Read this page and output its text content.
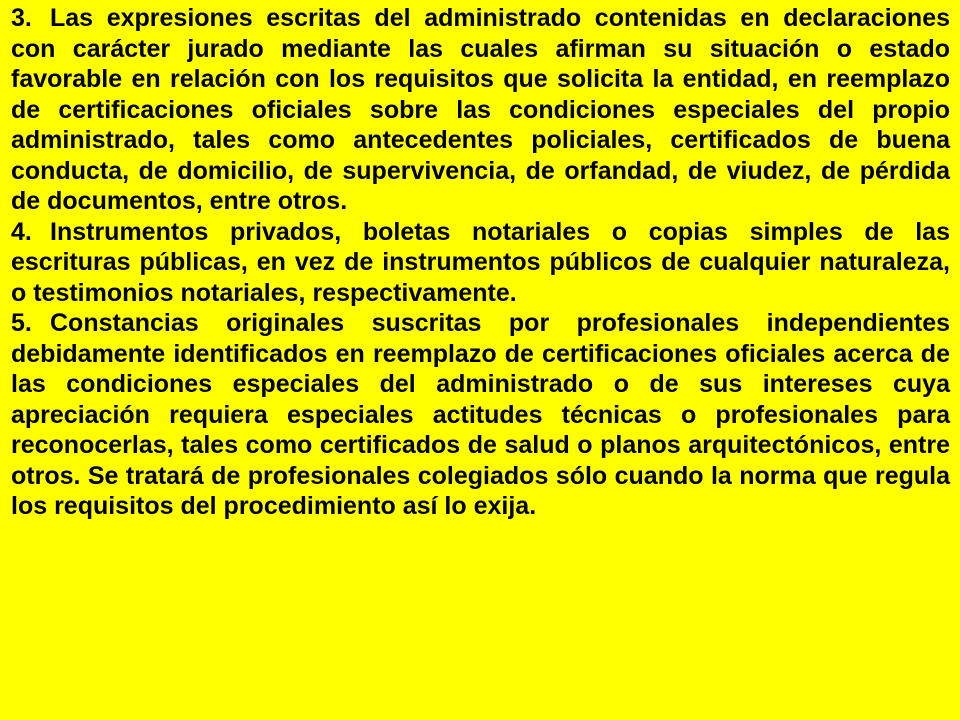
3. Las expresiones escritas del administrado contenidas en declaraciones con carácter jurado mediante las cuales afirman su situación o estado favorable en relación con los requisitos que solicita la entidad, en reemplazo de certificaciones oficiales sobre las condiciones especiales del propio administrado, tales como antecedentes policiales, certificados de buena conducta, de domicilio, de supervivencia, de orfandad, de viudez, de pérdida de documentos, entre otros.

4. Instrumentos privados, boletas notariales o copias simples de las escrituras públicas, en vez de instrumentos públicos de cualquier naturaleza, o testimonios notariales, respectivamente.

5. Constancias originales suscritas por profesionales independientes debidamente identificados en reemplazo de certificaciones oficiales acerca de las condiciones especiales del administrado o de sus intereses cuya apreciación requiera especiales actitudes técnicas o profesionales para reconocerlas, tales como certificados de salud o planos arquitectónicos, entre otros. Se tratará de profesionales colegiados sólo cuando la norma que regula los requisitos del procedimiento así lo exija.
